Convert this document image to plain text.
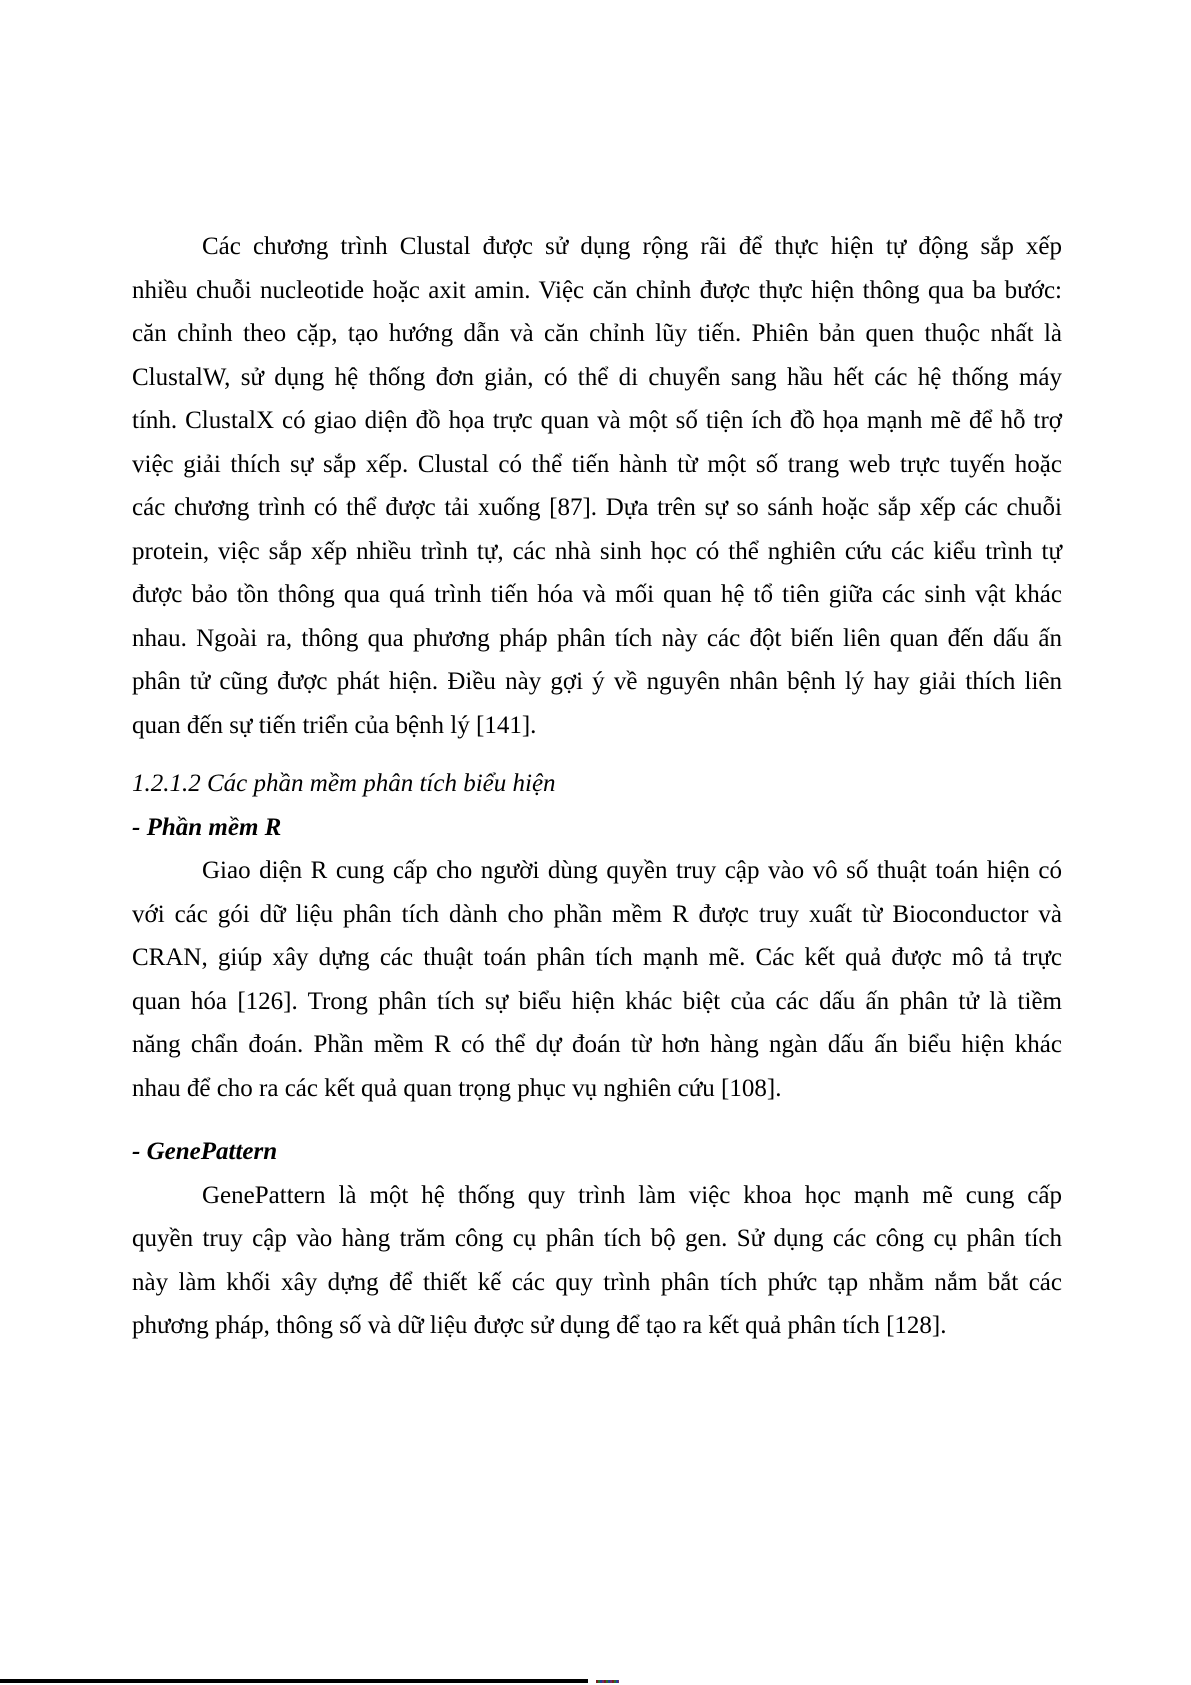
Các chương trình Clustal được sử dụng rộng rãi để thực hiện tự động sắp xếp
nhiều chuỗi nucleotide hoặc axit amin. Việc căn chỉnh được thực hiện thông qua ba bước:
căn chỉnh theo cặp, tạo hướng dẫn và căn chỉnh lũy tiến. Phiên bản quen thuộc nhất là
ClustalW, sử dụng hệ thống đơn giản, có thể di chuyển sang hầu hết các hệ thống máy
tính. ClustalX có giao diện đồ họa trực quan và một số tiện ích đồ họa mạnh mẽ để hỗ trợ
việc giải thích sự sắp xếp. Clustal có thể tiến hành từ một số trang web trực tuyến hoặc
các chương trình có thể được tải xuống [87]. Dựa trên sự so sánh hoặc sắp xếp các chuỗi
protein, việc sắp xếp nhiều trình tự, các nhà sinh học có thể nghiên cứu các kiểu trình tự
được bảo tồn thông qua quá trình tiến hóa và mối quan hệ tổ tiên giữa các sinh vật khác
nhau. Ngoài ra, thông qua phương pháp phân tích này các đột biến liên quan đến dấu ấn
phân tử cũng được phát hiện. Điều này gợi ý về nguyên nhân bệnh lý hay giải thích liên
quan đến sự tiến triển của bệnh lý [141].
1.2.1.2 Các phần mềm phân tích biểu hiện
- Phần mềm R
Giao diện R cung cấp cho người dùng quyền truy cập vào vô số thuật toán hiện có
với các gói dữ liệu phân tích dành cho phần mềm R được truy xuất từ Bioconductor và
CRAN, giúp xây dựng các thuật toán phân tích mạnh mẽ. Các kết quả được mô tả trực
quan hóa [126]. Trong phân tích sự biểu hiện khác biệt của các dấu ấn phân tử là tiềm
năng chẩn đoán. Phần mềm R có thể dự đoán từ hơn hàng ngàn dấu ấn biểu hiện khác
nhau để cho ra các kết quả quan trọng phục vụ nghiên cứu [108].
- GenePattern
GenePattern là một hệ thống quy trình làm việc khoa học mạnh mẽ cung cấp
quyền truy cập vào hàng trăm công cụ phân tích bộ gen. Sử dụng các công cụ phân tích
này làm khối xây dựng để thiết kế các quy trình phân tích phức tạp nhằm nắm bắt các
phương pháp, thông số và dữ liệu được sử dụng để tạo ra kết quả phân tích [128].
